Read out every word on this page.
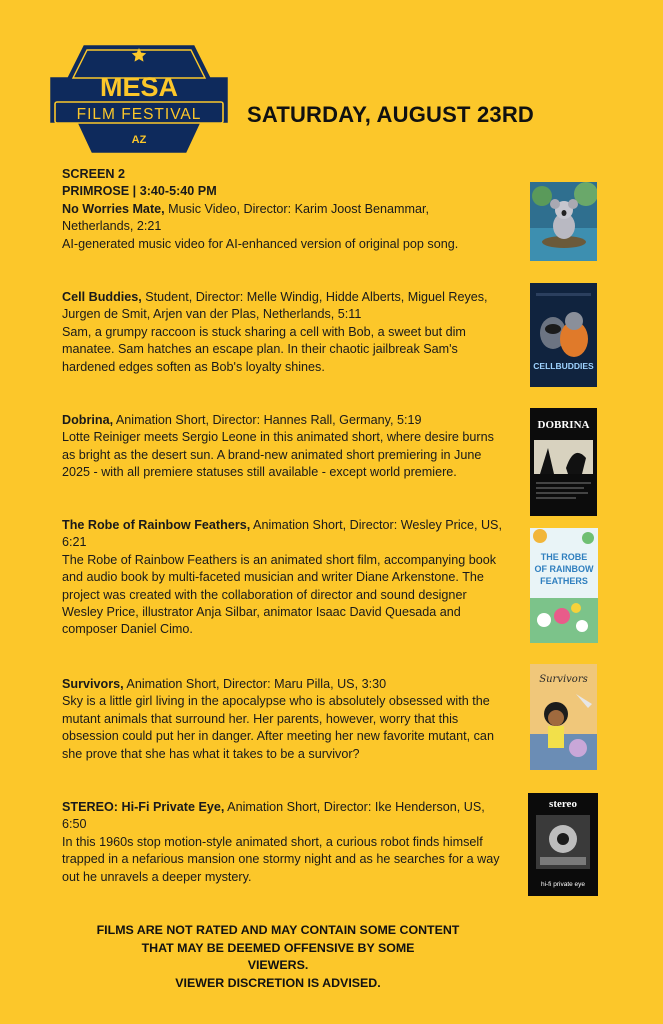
MESA
FILM FESTIVAL
AZ
SATURDAY, AUGUST 23RD

SCREEN 2

PRIMROSE | 3:40-5:40 PM

No Worries Mate, Music Video, Director: Karim Joost Benammar, Netherlands, 2:21

AI-generated music video for AI-enhanced version of original pop song.

Cell Buddies, Student, Director: Melle Windig, Hidde Alberts, Miguel Reyes, Jurgen de Smit, Arjen van der Plas, Netherlands, 5:11

Sam, a grumpy raccoon is stuck sharing a cell with Bob, a sweet but dim manatee. Sam hatches an escape plan. In their chaotic jailbreak Sam's hardened edges soften as Bob's loyalty shines.	CELLBUDDIES

Dobrina, Animation Short, Director: Hannes Rall, Germany, 5:19

Lotte Reiniger meets Sergio Leone in this animated short, where desire burns as bright as the desert sun. A brand-new animated short premiering in June 2025 - with all premiere statuses still available - except world premiere.

DOBRINA

The Robe of Rainbow Feathers, Animation Short, Director: Wesley Price, US, 6:21

The Robe of Rainbow Feathers is an animated short film, accompanying book and audio book by multi-faceted musician and writer Diane Arkenstone. The project was created with the collaboration of director and sound designer Wesley Price, illustrator Anja Silbar, animator Isaac David Quesada and composer Daniel Cimo.

THE ROBE
OF RAINBOW
FEATHERS

Survivors, Animation Short, Director: Maru Pilla, US, 3:30

Sky is a little girl living in the apocalypse who is absolutely obsessed with the mutant animals that surround her. Her parents, however, worry that this obsession could put her in danger. After meeting her new favorite mutant, can she prove that she has what it takes to be a survivor?

Survivors

STEREO: Hi-Fi Private Eye, Animation Short, Director: Ike Henderson, US, 6:50

In this 1960s stop motion-style animated short, a curious robot finds himself trapped in a nefarious mansion one stormy night and as he searches for a way out he unravels a deeper mystery.

stereo
hi-fi private eye
FILMS ARE NOT RATED AND MAY CONTAIN SOME CONTENT
THAT MAY BE DEEMED OFFENSIVE BY SOME
VIEWERS.
VIEWER DISCRETION IS ADVISED.
